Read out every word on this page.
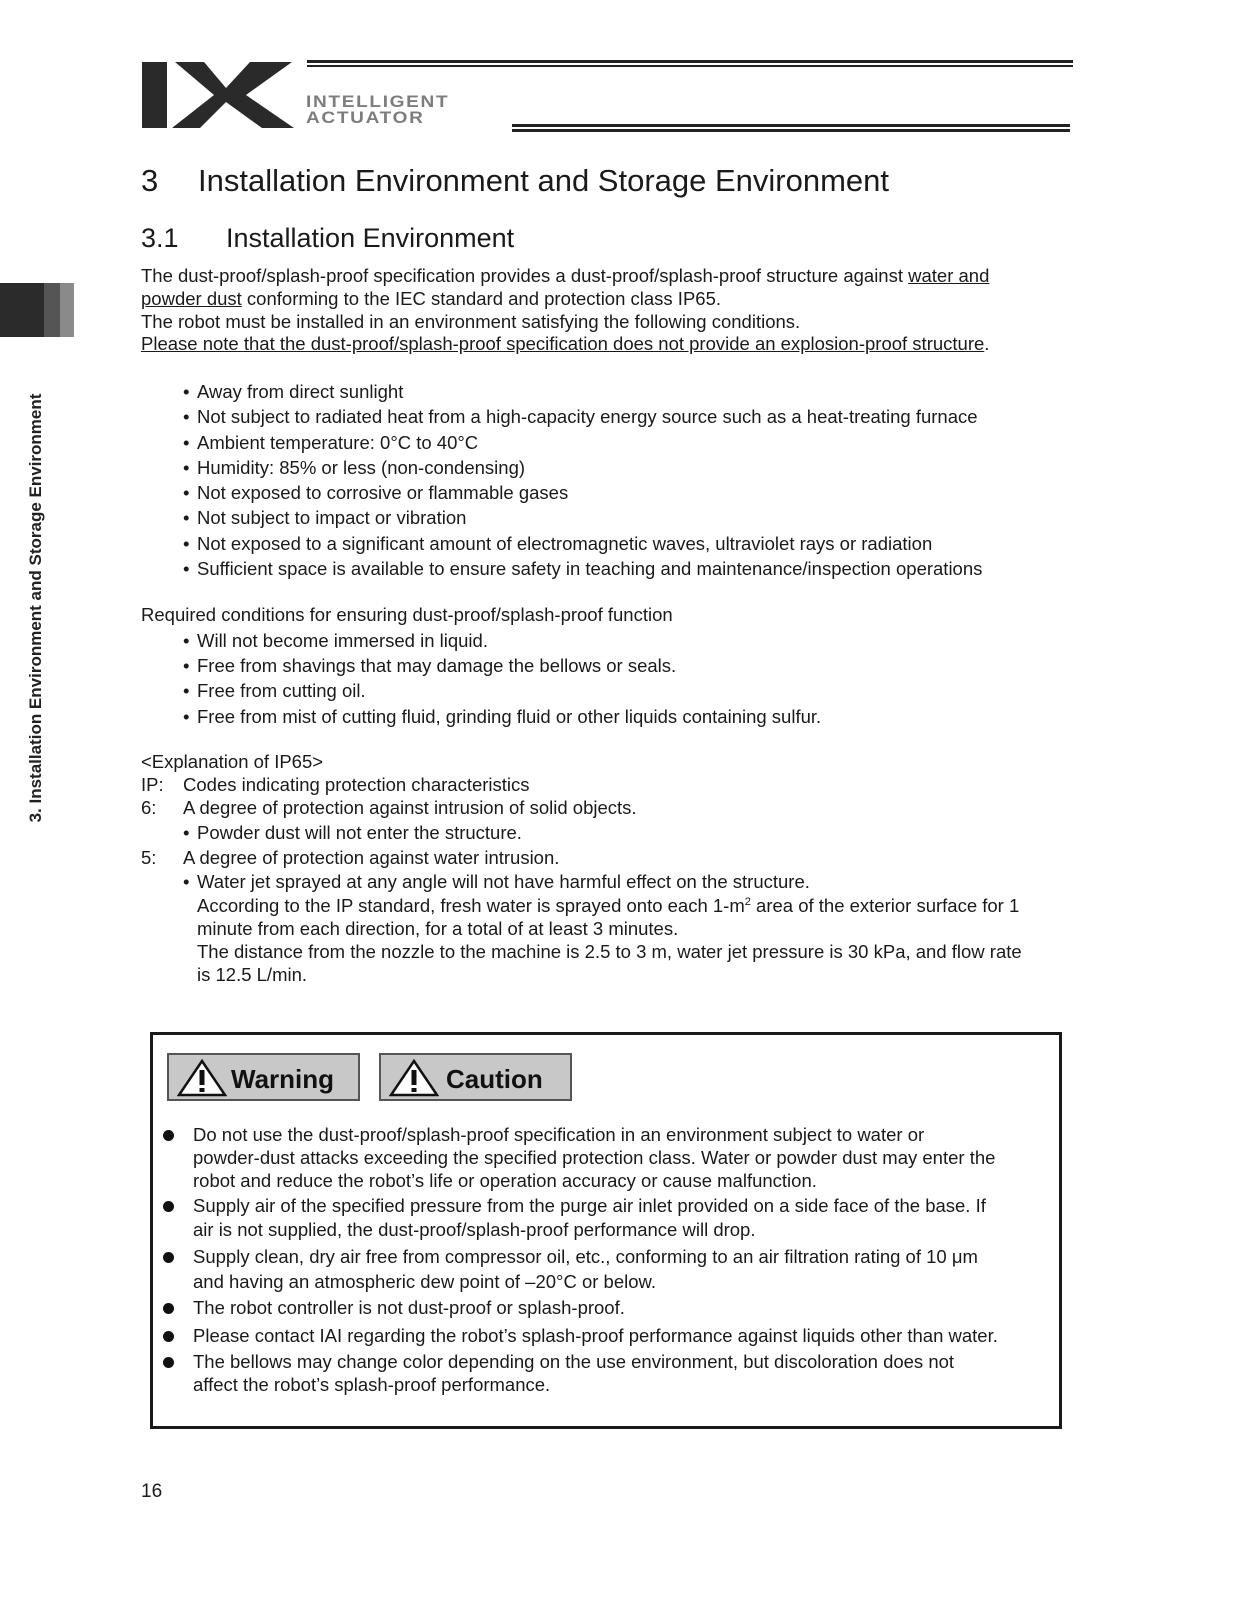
INTELLIGENT
ACTUATOR
3. Installation Environment and Storage Environment
3 Installation Environment and Storage Environment
3.1 Installation Environment
The dust-proof/splash-proof specification provides a dust-proof/splash-proof structure against water and
powder dust conforming to the IEC standard and protection class IP65.
The robot must be installed in an environment satisfying the following conditions.
Please note that the dust-proof/splash-proof specification does not provide an explosion-proof structure.
• Away from direct sunlight
• Not subject to radiated heat from a high-capacity energy source such as a heat-treating furnace
• Ambient temperature: 0°C to 40°C
• Humidity: 85% or less (non-condensing)
• Not exposed to corrosive or flammable gases
• Not subject to impact or vibration
• Not exposed to a significant amount of electromagnetic waves, ultraviolet rays or radiation
• Sufficient space is available to ensure safety in teaching and maintenance/inspection operations
Required conditions for ensuring dust-proof/splash-proof function
• Will not become immersed in liquid.
• Free from shavings that may damage the bellows or seals.
• Free from cutting oil.
• Free from mist of cutting fluid, grinding fluid or other liquids containing sulfur.
<Explanation of IP65>
IP: Codes indicating protection characteristics
6: A degree of protection against intrusion of solid objects.
• Powder dust will not enter the structure.
5: A degree of protection against water intrusion.
• Water jet sprayed at any angle will not have harmful effect on the structure.
According to the IP standard, fresh water is sprayed onto each $1-m^2$ area of the exterior surface for 1
minute from each direction, for a total of at least 3 minutes.
The distance from the nozzle to the machine is 2.5 to 3 m, water jet pressure is 30 kPa, and flow rate
is 12.5 L/min.
Warning	Caution
Do not use the dust-proof/splash-proof specification in an environment subject to water or
powder-dust attacks exceeding the specified protection class. Water or powder dust may enter the
robot and reduce the robot’s life or operation accuracy or cause malfunction.
Supply air of the specified pressure from the purge air inlet provided on a side face of the base. If
air is not supplied, the dust-proof/splash-proof performance will drop.
Supply clean, dry air free from compressor oil, etc., conforming to an air filtration rating of 10 μm
and having an atmospheric dew point of –20°C or below.
The robot controller is not dust-proof or splash-proof.
Please contact IAI regarding the robot’s splash-proof performance against liquids other than water.
The bellows may change color depending on the use environment, but discoloration does not
affect the robot’s splash-proof performance.
16
